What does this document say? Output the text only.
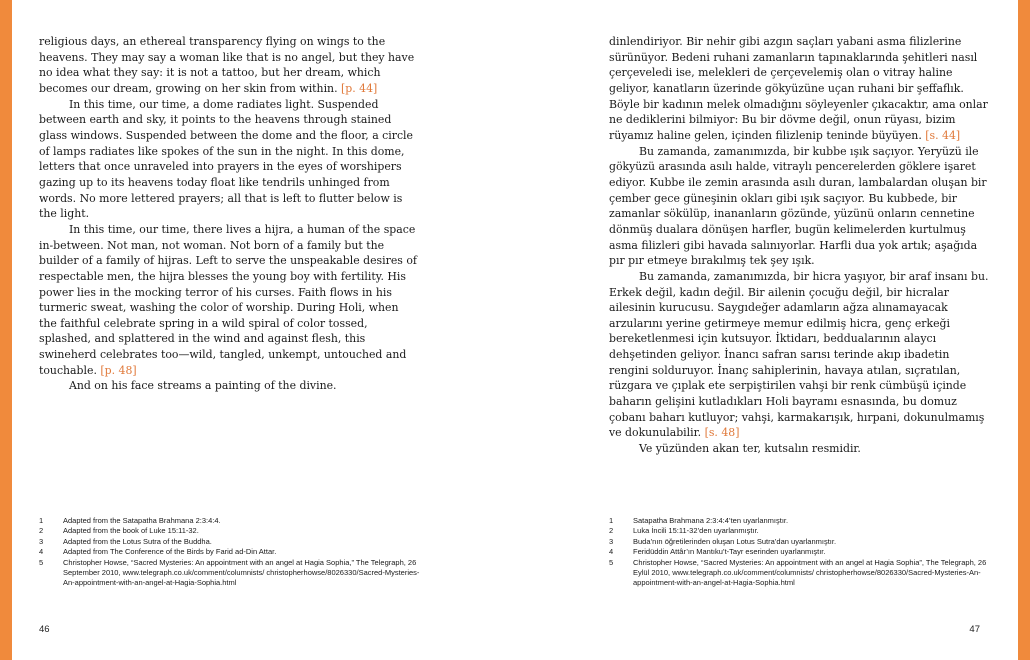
religious days, an ethereal transparency flying on wings to the heavens. They may say a woman like that is no angel, but they have no idea what they say: it is not a tattoo, but her dream, which becomes our dream, growing on her skin from within. [p. 44]

In this time, our time, a dome radiates light. Suspended between earth and sky, it points to the heavens through stained glass windows. Suspended between the dome and the floor, a circle of lamps radiates like spokes of the sun in the night. In this dome, letters that once unraveled into prayers in the eyes of worshipers gazing up to its heavens today float like tendrils unhinged from words. No more lettered prayers; all that is left to flutter below is the light.

In this time, our time, there lives a hijra, a human of the space in-between. Not man, not woman. Not born of a family but the builder of a family of hijras. Left to serve the unspeakable desires of respectable men, the hijra blesses the young boy with fertility. His power lies in the mocking terror of his curses. Faith flows in his turmeric sweat, washing the color of worship. During Holi, when the faithful celebrate spring in a wild spiral of color tossed, splashed, and splattered in the wind and against flesh, this swineherd celebrates too—wild, tangled, unkempt, untouched and touchable. [p. 48]

And on his face streams a painting of the divine.

1	Adapted from the Satapatha Brahmana 2:3:4:4.
2	Adapted from the book of Luke 15:11-32.
3	Adapted from the Lotus Sutra of the Buddha.
4	Adapted from The Conference of the Birds by Farid ad-Din Attar.
5	Christopher Howse, “Sacred Mysteries: An appointment with an angel at Hagia Sophia,” The Telegraph, 26 September 2010, www.telegraph.co.uk/comment/columnists/ christopherhowse/8026330/Sacred-Mysteries-An-appointment-with-an-angel-at-Hagia-Sophia.html
46

dinlendiriyor. Bir nehir gibi azgın saçları yabani asma filizlerine sürünüyor. Bedeni ruhani zamanların tapınaklarında şehitleri nasıl çerçeveledi ise, melekleri de çerçevelemiş olan o vitray haline geliyor, kanatların üzerinde gökyüzüne uçan ruhani bir şeffaflık. Böyle bir kadının melek olmadığını söyleyenler çıkacaktır, ama onlar ne dediklerini bilmiyor: Bu bir dövme değil, onun rüyası, bizim rüyamız haline gelen, içinden filizlenip teninde büyüyen. [s. 44]

Bu zamanda, zamanımızda, bir kubbe ışık saçıyor. Yeryüzü ile gökyüzü arasında asılı halde, vitraylı pencerelerden göklere işaret ediyor. Kubbe ile zemin arasında asılı duran, lambalardan oluşan bir çember gece güneşinin okları gibi ışık saçıyor. Bu kubbede, bir zamanlar sökülüp, inananların gözünde, yüzünü onların cennetine dönmüş dualara dönüşen harfler, bugün kelimelerden kurtulmuş asma filizleri gibi havada salınıyorlar. Harfli dua yok artık; aşağıda pır pır etmeye bırakılmış tek şey ışık.

Bu zamanda, zamanımızda, bir hicra yaşıyor, bir araf insanı bu. Erkek değil, kadın değil. Bir ailenin çocuğu değil, bir hicralar ailesinin kurucusu. Saygıdeğer adamların ağza alınamayacak arzularını yerine getirmeye memur edilmiş hicra, genç erkeği bereketlenmesi için kutsuyor. İktidarı, beddualarının alaycı dehşetinden geliyor. İnancı safran sarısı terinde akıp ibadetin rengini solduruyor. İnanç sahiplerinin, havaya atılan, sıçratılan, rüzgara ve çıplak ete serpiştirilen vahşi bir renk cümbüşü içinde baharın gelişini kutladıkları Holi bayramı esnasında, bu domuz çobanı baharı kutluyor; vahşi, karmakarışık, hırpani, dokunulmamış ve dokunulabilir. [s. 48]

Ve yüzünden akan ter, kutsalın resmidir.

1	Satapatha Brahmana 2:3:4:4’ten uyarlanmıştır.
2	Luka İncili 15:11-32’den uyarlanmıştır.
3	Buda’nın öğretilerinden oluşan Lotus Sutra’dan uyarlanmıştır.
4	Feridüddin Attâr’ın Mantıku’t-Tayr eserinden uyarlanmıştır.
5	Christopher Howse, “Sacred Mysteries: An appointment with an angel at Hagia Sophia”, The Telegraph, 26 Eylül 2010, www.telegraph.co.uk/comment/columnists/ christopherhowse/8026330/Sacred-Mysteries-An-appointment-with-an-angel-at-Hagia-Sophia.html
47
